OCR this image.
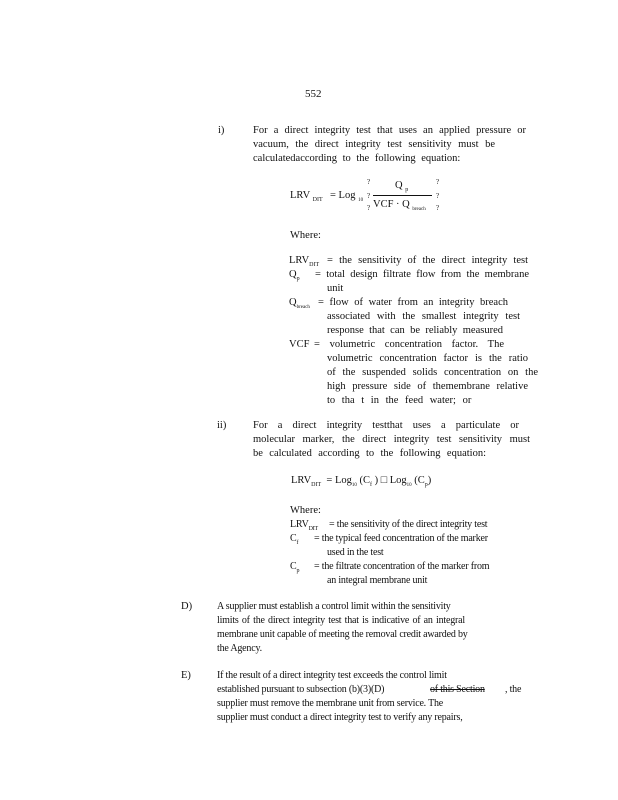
552
i)	For a direct integrity test that uses an applied pressure or
vacuum, the direct integrity test sensitivity must be
calculatedaccording to the following equation:
LRV $_{DIT}$ = Log $_{10}$
?
?
?
Q $_p$
VCF · Q $_{breach}$
?
?
?
Where:
$LRV_{DIT}$ = the sensitivity of the direct integrity test
$Q_p$ = total design filtrate flow from the membrane
unit
$Q_{breach}$ = flow of water from an integrity breach
associated with the smallest integrity test
response that can be reliably measured
VCF = volumetric concentration factor. The
volumetric concentration factor is the ratio
of the suspended solids concentration on the
high pressure side of themembrane relative
to tha t in the feed water; or
ii)	For a direct integrity testthat uses a particulate or
molecular marker, the direct integrity test sensitivity must
be calculated according to the following equation:
$LRV_{DIT} = Log_{10}$ ($C_f$ ) □ Log$_{10}$ $(C_p)$
Where:
$LRV_{DIT}$ = the sensitivity of the direct integrity test
$C_f$ = the typical feed concentration of the marker
used in the test
$C_p$ = the filtrate concentration of the marker from
an integral membrane unit
D) A supplier must establish a control limit within the sensitivity
limits of the direct integrity test that is indicative of an integral
membrane unit capable of meeting the removal credit awarded by
the Agency.
E)	If the result of a direct integrity test exceeds the control limit
established pursuant to subsection (b)(3)(D)	of this Section , the
supplier must remove the membrane unit from service. The
supplier must conduct a direct integrity test to verify any repairs,
